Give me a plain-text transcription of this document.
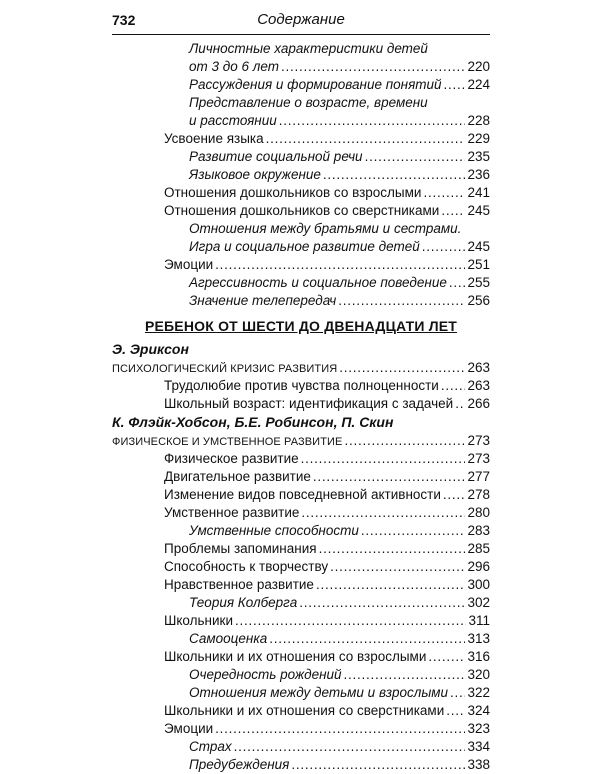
732	Содержание
Личностные характеристики детей
от 3 до 6 лет . . .	220
Рассуждения и формирование понятий . . . 224
Представление о возрасте, времени
и расстоянии . . .	228
Усвоение языка . . .	229
Развитие социальной речи . . .	235
Языковое окружение . . .	236
Отношения дошкольников со взрослыми . . .	241
Отношения дошкольников со сверстниками . . . 245
Отношения между братьями и сестрами.
Игра и социальное развитие детей . . .	245
Эмоции . . .	251
Агрессивность и социальное поведение . . . 255
Значение телепередач . . .	256
РЕБЕНОК ОТ ШЕСТИ ДО ДВЕНАДЦАТИ ЛЕТ
Э. Эриксон
ПСИХОЛОГИЧЕСКИЙ КРИЗИС РАЗВИТИЯ . . .	263
Трудолюбие против чувства полноценности . . . 263
Школьный возраст: идентификация с задачей . . . 266
К. Флэйк-Хобсон, Б.Е. Робинсон, П. Скин
ФИЗИЧЕСКОЕ И УМСТВЕННОЕ РАЗВИТИЕ . . .	273
Физическое развитие . . .	273
Двигательное развитие . . .	277
Изменение видов повседневной активности . . . 278
Умственное развитие . . .	280
Умственные способности . . .	283
Проблемы запоминания . . .	285
Способность к творчеству . . .	296
Нравственное развитие . . .	300
Теория Колберга . . .	302
Школьники . . .	311
Самооценка . . .	313
Школьники и их отношения со взрослыми . . .	316
Очередность рождений . . .	320
Отношения между детьми и взрослыми . . . 322
Школьники и их отношения со сверстниками . . . 324
Эмоции . . .	323
Страх . . .	334
Предубеждения . . .	338
